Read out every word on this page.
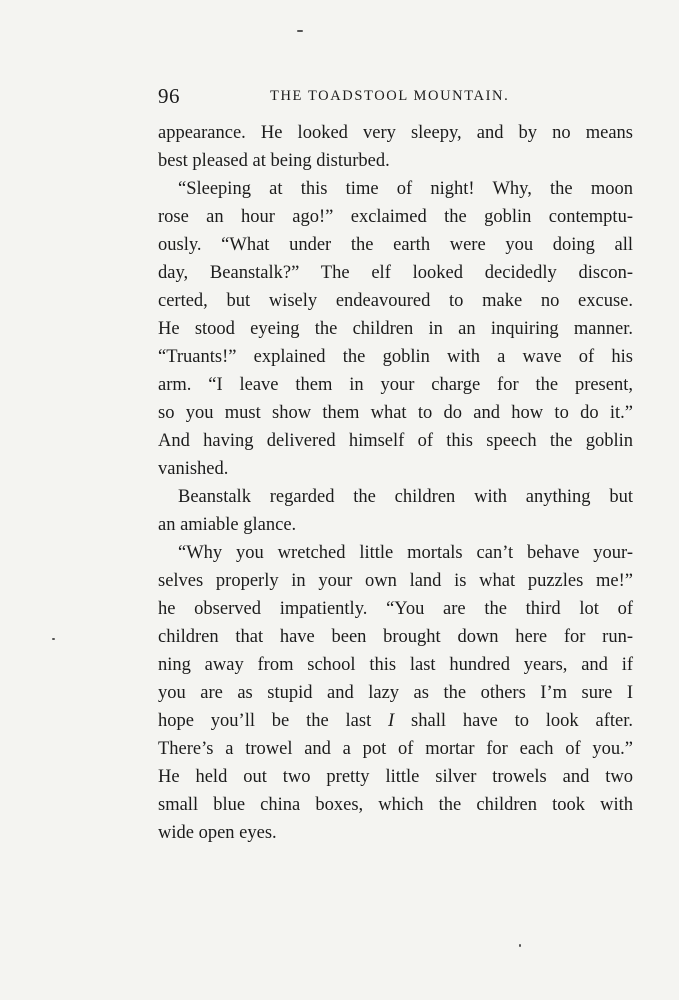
96	THE TOADSTOOL MOUNTAIN.
appearance. He looked very sleepy, and by no means
best pleased at being disturbed.
“Sleeping at this time of night! Why, the moon
rose an hour ago!” exclaimed the goblin contemptu-
ously. “What under the earth were you doing all
day, Beanstalk?” The elf looked decidedly discon-
certed, but wisely endeavoured to make no excuse.
He stood eyeing the children in an inquiring manner.
“Truants!” explained the goblin with a wave of his
arm. “I leave them in your charge for the present,
so you must show them what to do and how to do it.”
And having delivered himself of this speech the goblin
vanished.
Beanstalk regarded the children with anything but
an amiable glance.
“Why you wretched little mortals can’t behave your-
selves properly in your own land is what puzzles me!”
he observed impatiently. “You are the third lot of
children that have been brought down here for run-
ning away from school this last hundred years, and if
you are as stupid and lazy as the others I’m sure I
hope you’ll be the last I shall have to look after.
There’s a trowel and a pot of mortar for each of you.”
He held out two pretty little silver trowels and two
small blue china boxes, which the children took with
wide open eyes.
